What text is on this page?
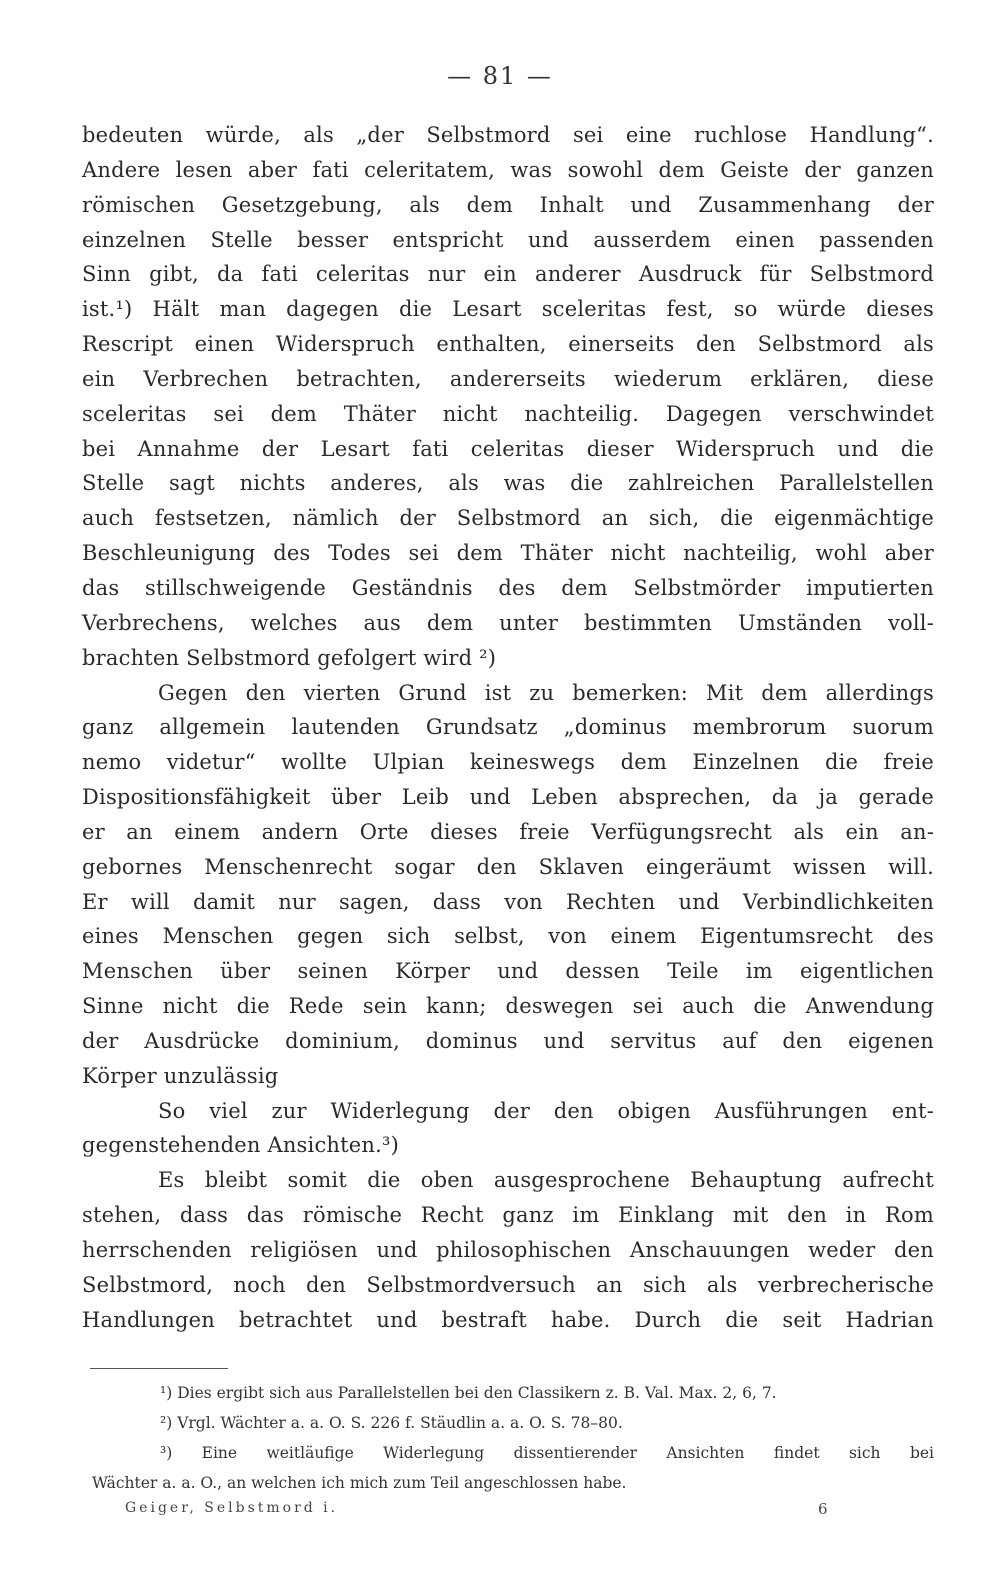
— 81 —
bedeuten würde, als „der Selbstmord sei eine ruchlose Handlung“.
Andere lesen aber fati celeritatem, was sowohl dem Geiste der ganzen
römischen Gesetzgebung, als dem Inhalt und Zusammenhang der
einzelnen Stelle besser entspricht und ausserdem einen passenden
Sinn gibt, da fati celeritas nur ein anderer Ausdruck für Selbstmord
ist.¹) Hält man dagegen die Lesart sceleritas fest, so würde dieses
Rescript einen Widerspruch enthalten, einerseits den Selbstmord als
ein Verbrechen betrachten, andererseits wiederum erklären, diese
sceleritas sei dem Thäter nicht nachteilig. Dagegen verschwindet
bei Annahme der Lesart fati celeritas dieser Widerspruch und die
Stelle sagt nichts anderes, als was die zahlreichen Parallelstellen
auch festsetzen, nämlich der Selbstmord an sich, die eigenmächtige
Beschleunigung des Todes sei dem Thäter nicht nachteilig, wohl aber
das stillschweigende Geständnis des dem Selbstmörder imputierten
Verbrechens, welches aus dem unter bestimmten Umständen voll-
brachten Selbstmord gefolgert wird ²)
Gegen den vierten Grund ist zu bemerken: Mit dem allerdings
ganz allgemein lautenden Grundsatz „dominus membrorum suorum
nemo videtur“ wollte Ulpian keineswegs dem Einzelnen die freie
Dispositionsfähigkeit über Leib und Leben absprechen, da ja gerade
er an einem andern Orte dieses freie Verfügungsrecht als ein an-
gebornes Menschenrecht sogar den Sklaven eingeräumt wissen will.
Er will damit nur sagen, dass von Rechten und Verbindlichkeiten
eines Menschen gegen sich selbst, von einem Eigentumsrecht des
Menschen über seinen Körper und dessen Teile im eigentlichen
Sinne nicht die Rede sein kann; deswegen sei auch die Anwendung
der Ausdrücke dominium, dominus und servitus auf den eigenen
Körper unzulässig
So viel zur Widerlegung der den obigen Ausführungen ent-
gegenstehenden Ansichten.³)
Es bleibt somit die oben ausgesprochene Behauptung aufrecht
stehen, dass das römische Recht ganz im Einklang mit den in Rom
herrschenden religiösen und philosophischen Anschauungen weder den
Selbstmord, noch den Selbstmordversuch an sich als verbrecherische
Handlungen betrachtet und bestraft habe. Durch die seit Hadrian
¹) Dies ergibt sich aus Parallelstellen bei den Classikern z. B. Val. Max. 2, 6, 7.
²) Vrgl. Wächter a. a. O. S. 226 f. Stäudlin a. a. O. S. 78–80.
³) Eine weitläufige Widerlegung dissentierender Ansichten findet sich bei
Wächter a. a. O., an welchen ich mich zum Teil angeschlossen habe.
Geiger, Selbstmord i.	6
